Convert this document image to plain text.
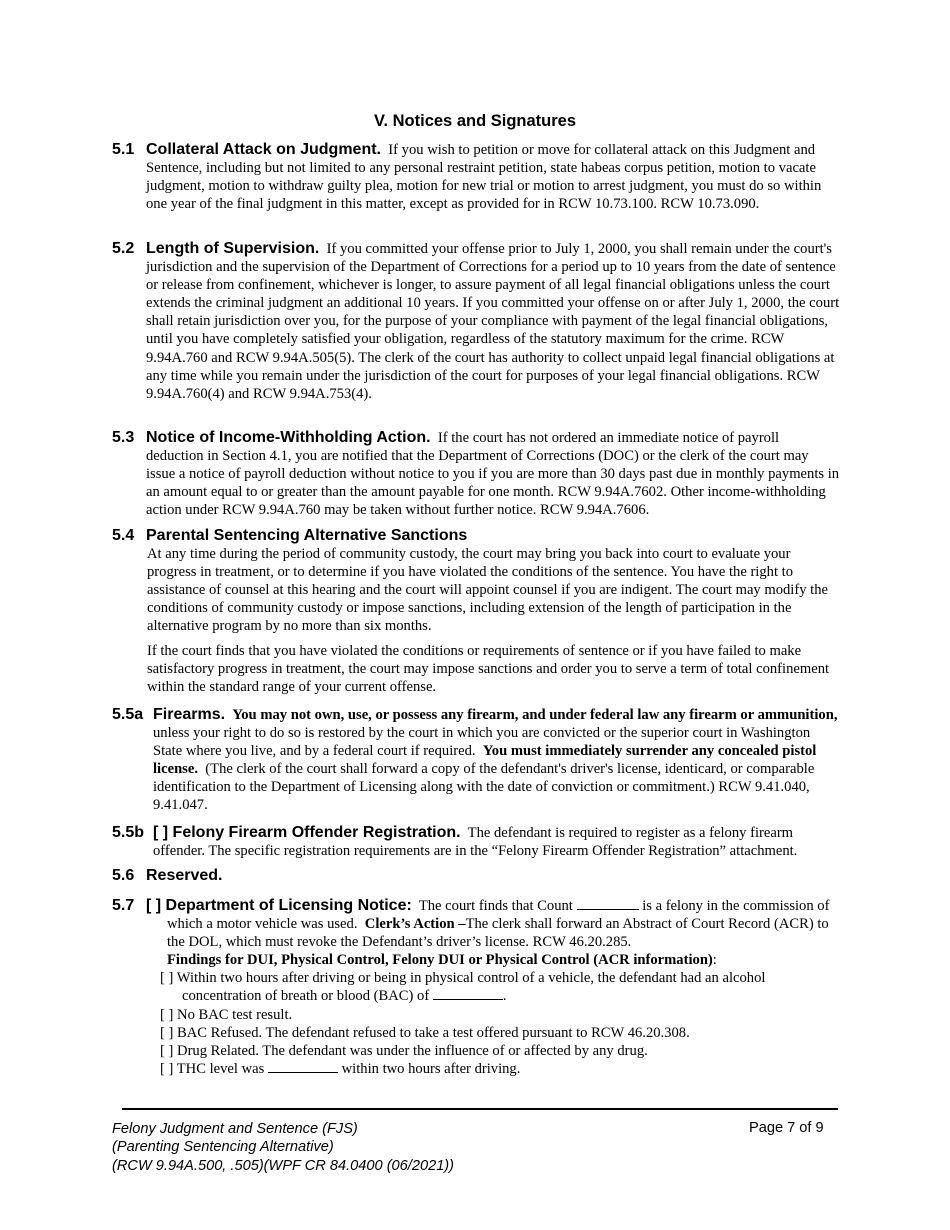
V. Notices and Signatures

5.1 Collateral Attack on Judgment. If you wish to petition or move for collateral attack on this Judgment and Sentence, including but not limited to any personal restraint petition, state habeas corpus petition, motion to vacate judgment, motion to withdraw guilty plea, motion for new trial or motion to arrest judgment, you must do so within one year of the final judgment in this matter, except as provided for in RCW 10.73.100. RCW 10.73.090.

5.2 Length of Supervision. If you committed your offense prior to July 1, 2000, you shall remain under the court's jurisdiction and the supervision of the Department of Corrections for a period up to 10 years from the date of sentence or release from confinement, whichever is longer, to assure payment of all legal financial obligations unless the court extends the criminal judgment an additional 10 years. If you committed your offense on or after July 1, 2000, the court shall retain jurisdiction over you, for the purpose of your compliance with payment of the legal financial obligations, until you have completely satisfied your obligation, regardless of the statutory maximum for the crime. RCW 9.94A.760 and RCW 9.94A.505(5). The clerk of the court has authority to collect unpaid legal financial obligations at any time while you remain under the jurisdiction of the court for purposes of your legal financial obligations. RCW 9.94A.760(4) and RCW 9.94A.753(4).

5.3 Notice of Income-Withholding Action. If the court has not ordered an immediate notice of payroll deduction in Section 4.1, you are notified that the Department of Corrections (DOC) or the clerk of the court may issue a notice of payroll deduction without notice to you if you are more than 30 days past due in monthly payments in an amount equal to or greater than the amount payable for one month. RCW 9.94A.7602. Other income-withholding action under RCW 9.94A.760 may be taken without further notice. RCW 9.94A.7606.

5.4 Parental Sentencing Alternative Sanctions

At any time during the period of community custody, the court may bring you back into court to evaluate your progress in treatment, or to determine if you have violated the conditions of the sentence. You have the right to assistance of counsel at this hearing and the court will appoint counsel if you are indigent. The court may modify the conditions of community custody or impose sanctions, including extension of the length of participation in the alternative program by no more than six months.

If the court finds that you have violated the conditions or requirements of sentence or if you have failed to make satisfactory progress in treatment, the court may impose sanctions and order you to serve a term of total confinement within the standard range of your current offense.

5.5a Firearms. You may not own, use, or possess any firearm, and under federal law any firearm or ammunition, unless your right to do so is restored by the court in which you are convicted or the superior court in Washington State where you live, and by a federal court if required. You must immediately surrender any concealed pistol license. (The clerk of the court shall forward a copy of the defendant's driver's license, identicard, or comparable identification to the Department of Licensing along with the date of conviction or commitment.) RCW 9.41.040, 9.41.047.

5.5b [ ] Felony Firearm Offender Registration. The defendant is required to register as a felony firearm offender. The specific registration requirements are in the “Felony Firearm Offender Registration” attachment.

5.6 Reserved.

5.7 [ ] Department of Licensing Notice: The court finds that Count	is a felony in the commission of which a motor vehicle was used. Clerk’s Action –The clerk shall forward an Abstract of Court Record (ACR) to the DOL, which must revoke the Defendant’s driver’s license. RCW 46.20.285.
Findings for DUI, Physical Control, Felony DUI or Physical Control (ACR information):

[ ] Within two hours after driving or being in physical control of a vehicle, the defendant had an alcohol concentration of breath or blood (BAC) of	.

[ ] No BAC test result.

[ ] BAC Refused. The defendant refused to take a test offered pursuant to RCW 46.20.308.

[ ] Drug Related. The defendant was under the influence of or affected by any drug.

[ ] THC level was	within two hours after driving.

Felony Judgment and Sentence (FJS)
(Parenting Sentencing Alternative)
(RCW 9.94A.500, .505)(WPF CR 84.0400 (06/2021))
Page 7 of 9
